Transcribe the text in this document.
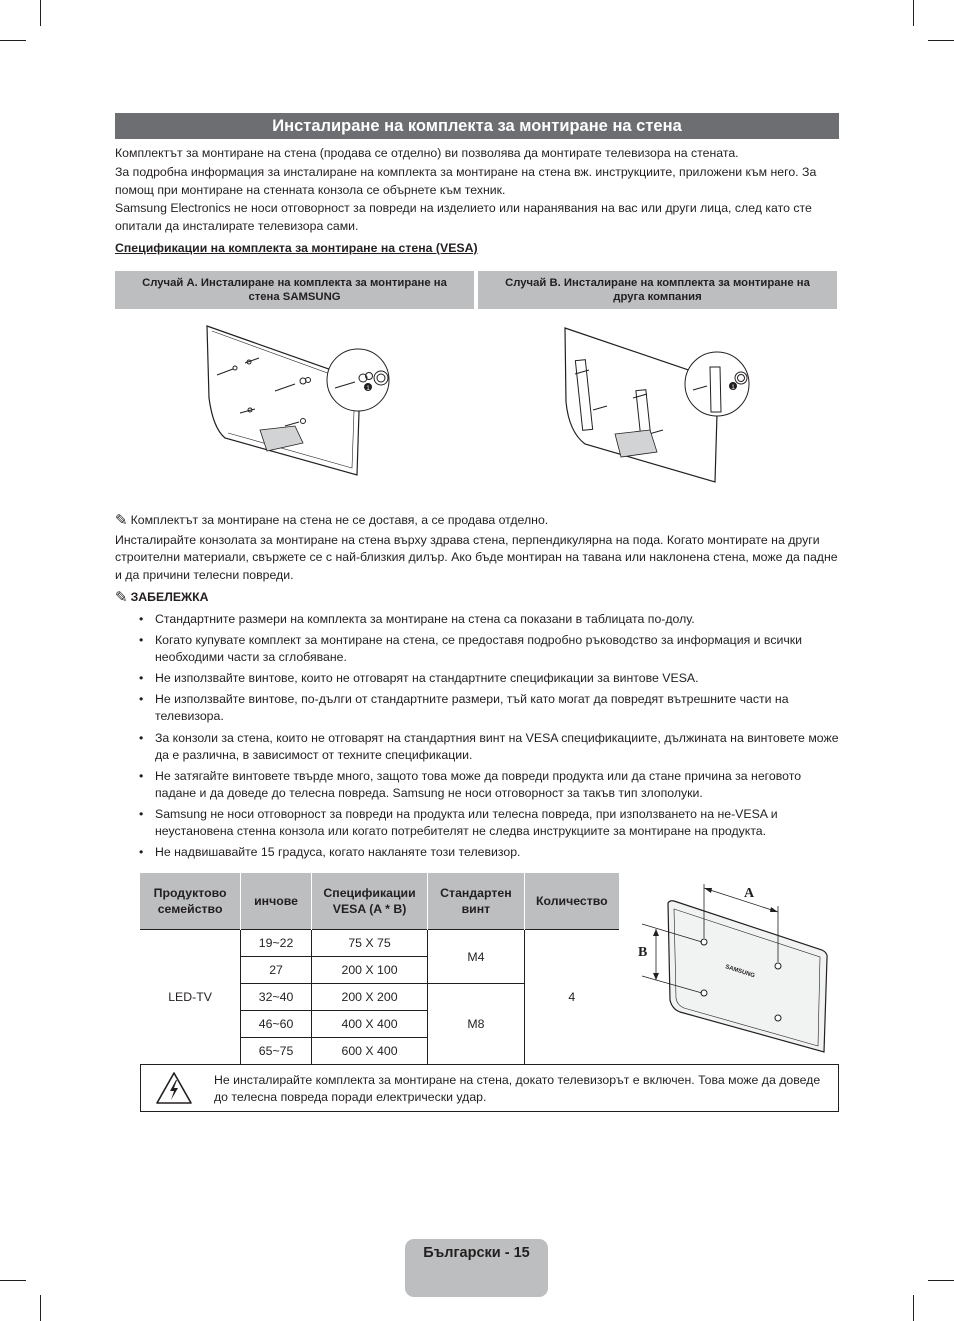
Инсталиране на комплекта за монтиране на стена

Комплектът за монтиране на стена (продава се отделно) ви позволява да монтирате телевизора на стената.

За подробна информация за инсталиране на комплекта за монтиране на стена вж. инструкциите, приложени към него. За помощ при монтиране на стенната конзола се обърнете към техник.

Samsung Electronics не носи отговорност за повреди на изделието или наранявания на вас или други лица, след като сте опитали да инсталирате телевизора сами.

Спецификации на комплекта за монтиране на стена (VESA)
Случай А. Инсталиране на комплекта за монтиране на стена SAMSUNG
Случай B. Инсталиране на комплекта за монтиране на друга компания
1	1
✎ Комплектът за монтиране на стена не се доставя, а се продава отделно.

Инсталирайте конзолата за монтиране на стена върху здрава стена, перпендикулярна на пода. Когато монтирате на други строителни материали, свържете се с най-близкия дилър. Ако бъде монтиран на тавана или наклонена стена, може да падне и да причини телесни повреди.

✎ ЗАБЕЛЕЖКА
• Стандартните размери на комплекта за монтиране на стена са показани в таблицата по-долу.
• Когато купувате комплект за монтиране на стена, се предоставя подробно ръководство за информация и всички необходими части за сглобяване.
• Не използвайте винтове, които не отговарят на стандартните спецификации за винтове VESA.
• Не използвайте винтове, по-дълги от стандартните размери, тъй като могат да повредят вътрешните части на телевизора.
• За конзоли за стена, които не отговарят на стандартния винт на VESA спецификациите, дължината на винтовете може да е различна, в зависимост от техните спецификации.
• Не затягайте винтовете твърде много, защото това може да повреди продукта или да стане причина за неговото падане и да доведе до телесна повреда. Samsung не носи отговорност за такъв тип злополуки.
• Samsung не носи отговорност за повреди на продукта или телесна повреда, при използването на не-VESA и неустановена стенна конзола или когато потребителят не следва инструкциите за монтиране на продукта.
• Не надвишавайте 15 градуса, когато накланяте този телевизор.
Продуктово семейство	инчове	Спецификации VESA (A * B)	Стандартен винт	Количество
LED-TV	19~22	75 X 75	M4	4
	27	200 X 100		
	32~40	200 X 200	M8	
	46~60	400 X 400		
	65~75	600 X 400		
A
B
SAMSUNG
Не инсталирайте комплекта за монтиране на стена, докато телевизорът е включен. Това може да доведе до телесна повреда поради електрически удар.
Български - 15
